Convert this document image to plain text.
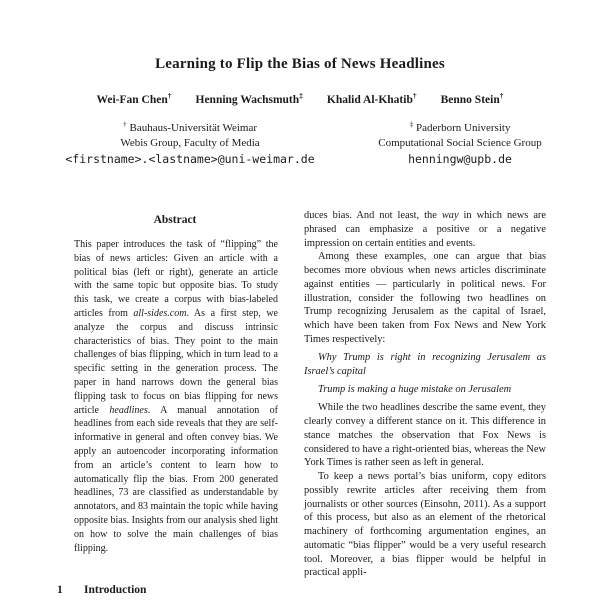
Learning to Flip the Bias of News Headlines
Wei-Fan Chen† Henning Wachsmuth‡ Khalid Al-Khatib† Benno Stein†
† Bauhaus-Universität Weimar
Webis Group, Faculty of Media
<firstname>.<lastname>@uni-weimar.de
‡ Paderborn University
Computational Social Science Group
henningw@upb.de
Abstract

This paper introduces the task of “flipping” the bias of news articles: Given an article with a political bias (left or right), generate an article with the same topic but opposite bias. To study this task, we create a corpus with bias-labeled articles from all-sides.com. As a first step, we analyze the corpus and discuss intrinsic characteristics of bias. They point to the main challenges of bias flipping, which in turn lead to a specific setting in the generation process. The paper in hand narrows down the general bias flipping task to focus on bias flipping for news article headlines. A manual annotation of headlines from each side reveals that they are self-informative in general and often convey bias. We apply an autoencoder incorporating information from an article’s content to learn how to automatically flip the bias. From 200 generated headlines, 73 are classified as understandable by annotators, and 83 maintain the topic while having opposite bias. Insights from our analysis shed light on how to solve the main challenges of bias flipping.

1 Introduction

duces bias. And not least, the way in which news are phrased can emphasize a positive or a negative impression on certain entities and events.

Among these examples, one can argue that bias becomes more obvious when news articles discriminate against entities — particularly in political news. For illustration, consider the following two headlines on Trump recognizing Jerusalem as the capital of Israel, which have been taken from Fox News and New York Times respectively:

Why Trump is right in recognizing Jerusalem as Israel’s capital

Trump is making a huge mistake on Jerusalem

While the two headlines describe the same event, they clearly convey a different stance on it. This difference in stance matches the observation that Fox News is considered to have a right-oriented bias, whereas the New York Times is rather seen as left in general.

To keep a news portal’s bias uniform, copy editors possibly rewrite articles after receiving them from journalists or other sources (Einsohn, 2011). As a support of this process, but also as an element of the rhetorical machinery of forthcoming argumentation engines, an automatic “bias flipper” would be a very useful research tool. Moreover, a bias flipper would be helpful in practical appli-
